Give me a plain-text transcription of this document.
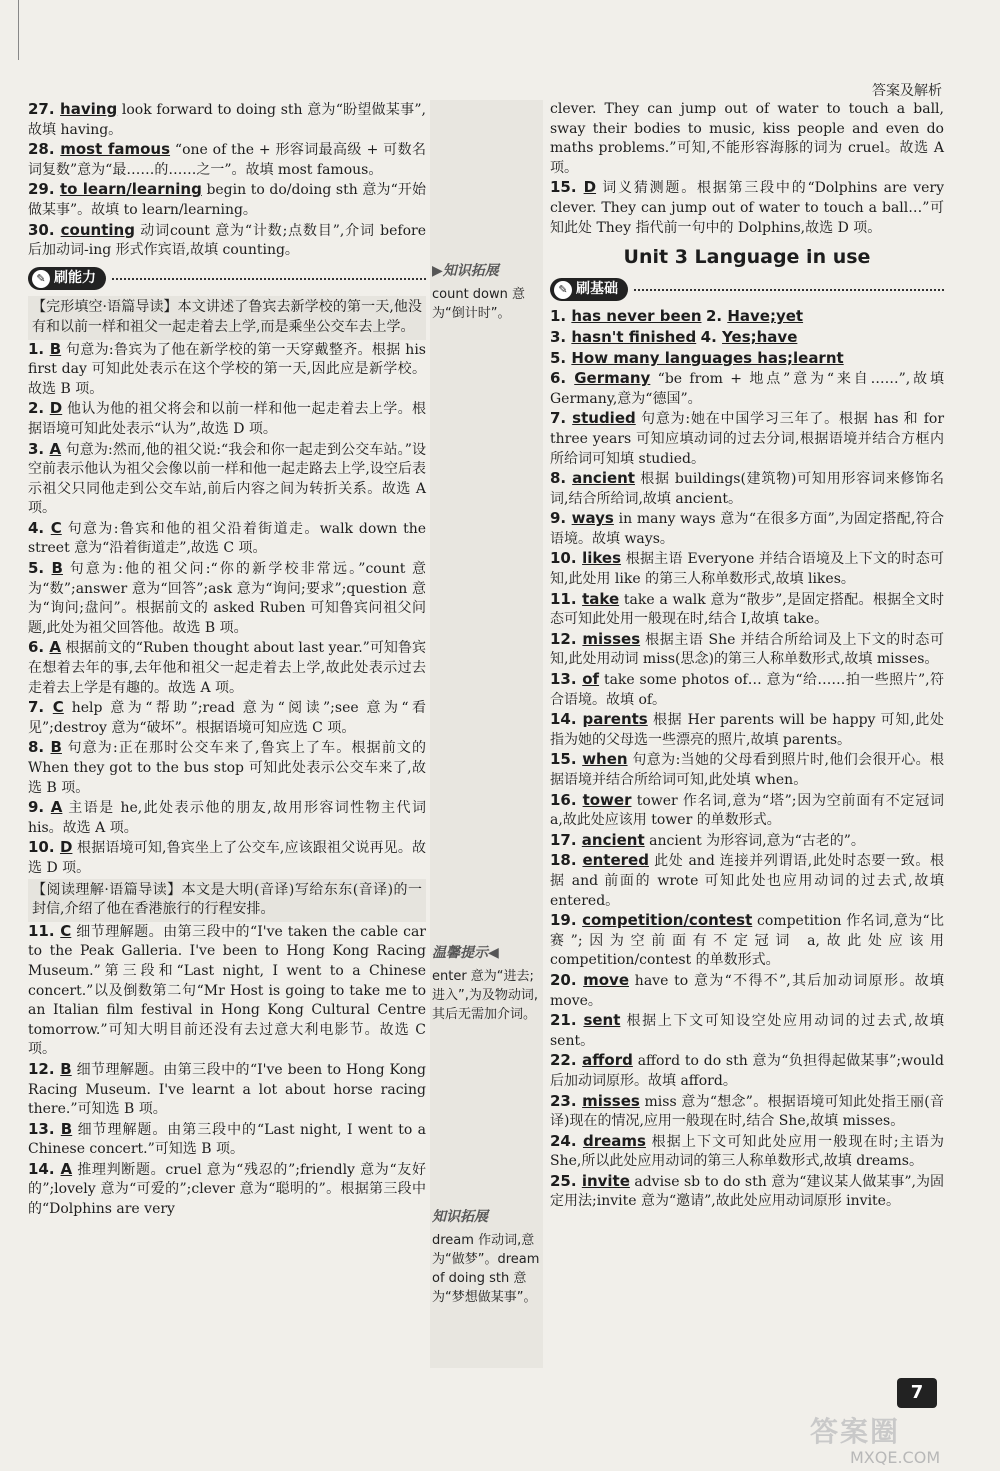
答案及解析
27. having look forward to doing sth 意为“盼望做某事”,故填 having。
28. most famous “one of the + 形容词最高级 + 可数名词复数”意为“最……的……之一”。故填 most famous。
29. to learn/learning begin to do/doing sth 意为“开始做某事”。故填 to learn/learning。
30. counting 动词count 意为“计数;点数目”,介词 before 后加动词-ing 形式作宾语,故填 counting。
✎ 刷能力
【完形填空·语篇导读】本文讲述了鲁宾去新学校的第一天,他没有和以前一样和祖父一起走着去上学,而是乘坐公交车去上学。
1. B 句意为:鲁宾为了他在新学校的第一天穿戴整齐。根据 his first day 可知此处表示在这个学校的第一天,因此应是新学校。故选 B 项。
2. D 他认为他的祖父将会和以前一样和他一起走着去上学。根据语境可知此处表示“认为”,故选 D 项。
3. A 句意为:然而,他的祖父说:“我会和你一起走到公交车站。”设空前表示他认为祖父会像以前一样和他一起走路去上学,设空后表示祖父只同他走到公交车站,前后内容之间为转折关系。故选 A 项。
4. C 句意为:鲁宾和他的祖父沿着街道走。walk down the street 意为“沿着街道走”,故选 C 项。
5. B 句意为:他的祖父问:“你的新学校非常远。”count 意为“数”;answer 意为“回答”;ask 意为“询问;要求”;question 意为“询问;盘问”。根据前文的 asked Ruben 可知鲁宾问祖父问题,此处为祖父回答他。故选 B 项。
6. A 根据前文的“Ruben thought about last year.”可知鲁宾在想着去年的事,去年他和祖父一起走着去上学,故此处表示过去走着去上学是有趣的。故选 A 项。
7. C help 意为“帮助”;read 意为“阅读”;see 意为“看见”;destroy 意为“破坏”。根据语境可知应选 C 项。
8. B 句意为:正在那时公交车来了,鲁宾上了车。根据前文的 When they got to the bus stop 可知此处表示公交车来了,故选 B 项。
9. A 主语是 he,此处表示他的朋友,故用形容词性物主代词 his。故选 A 项。
10. D 根据语境可知,鲁宾坐上了公交车,应该跟祖父说再见。故选 D 项。
【阅读理解·语篇导读】本文是大明(音译)写给东东(音译)的一封信,介绍了他在香港旅行的行程安排。
11. C 细节理解题。由第三段中的“I've taken the cable car to the Peak Galleria. I've been to Hong Kong Racing Museum.”第三段和“Last night, I went to a Chinese concert.”以及倒数第二句“Mr Host is going to take me to an Italian film festival in Hong Kong Cultural Centre tomorrow.”可知大明目前还没有去过意大利电影节。故选 C 项。
12. B 细节理解题。由第三段中的“I've been to Hong Kong Racing Museum. I've learnt a lot about horse racing there.”可知选 B 项。
13. B 细节理解题。由第三段中的“Last night, I went to a Chinese concert.”可知选 B 项。
14. A 推理判断题。cruel 意为“残忍的”;friendly 意为“友好的”;lovely 意为“可爱的”;clever 意为“聪明的”。根据第三段中的“Dolphins are very
clever. They can jump out of water to touch a ball, sway their bodies to music, kiss people and even do maths problems.”可知,不能形容海豚的词为 cruel。故选 A 项。
15. D 词义猜测题。根据第三段中的“Dolphins are very clever. They can jump out of water to touch a ball…”可知此处 They 指代前一句中的 Dolphins,故选 D 项。
Unit 3 Language in use
✎ 刷基础
1. has never been 2. Have;yet
3. hasn't finished 4. Yes;have
5. How many languages has;learnt
6. Germany “be from + 地点”意为“来自……”,故填 Germany,意为“德国”。
7. studied 句意为:她在中国学习三年了。根据 has 和 for three years 可知应填动词的过去分词,根据语境并结合方框内所给词可知填 studied。
8. ancient 根据 buildings(建筑物)可知用形容词来修饰名词,结合所给词,故填 ancient。
9. ways in many ways 意为“在很多方面”,为固定搭配,符合语境。故填 ways。
10. likes 根据主语 Everyone 并结合语境及上下文的时态可知,此处用 like 的第三人称单数形式,故填 likes。
11. take take a walk 意为“散步”,是固定搭配。根据全文时态可知此处用一般现在时,结合 I,故填 take。
12. misses 根据主语 She 并结合所给词及上下文的时态可知,此处用动词 miss(思念)的第三人称单数形式,故填 misses。
13. of take some photos of… 意为“给……拍一些照片”,符合语境。故填 of。
14. parents 根据 Her parents will be happy 可知,此处指为她的父母选一些漂亮的照片,故填 parents。
15. when 句意为:当她的父母看到照片时,他们会很开心。根据语境并结合所给词可知,此处填 when。
16. tower tower 作名词,意为“塔”;因为空前面有不定冠词 a,故此处应该用 tower 的单数形式。
17. ancient ancient 为形容词,意为“古老的”。
18. entered 此处 and 连接并列谓语,此处时态要一致。根据 and 前面的 wrote 可知此处也应用动词的过去式,故填 entered。
19. competition/contest competition 作名词,意为“比赛”;因为空前面有不定冠词 a,故此处应该用 competition/contest 的单数形式。
20. move have to 意为“不得不”,其后加动词原形。故填 move。
21. sent 根据上下文可知设空处应用动词的过去式,故填 sent。
22. afford afford to do sth 意为“负担得起做某事”;would 后加动词原形。故填 afford。
23. misses miss 意为“想念”。根据语境可知此处指王丽(音译)现在的情况,应用一般现在时,结合 She,故填 misses。
24. dreams 根据上下文可知此处应用一般现在时;主语为 She,所以此处应用动词的第三人称单数形式,故填 dreams。
25. invite advise sb to do sth 意为“建议某人做某事”,为固定用法;invite 意为“邀请”,故此处应用动词原形 invite。
▶知识拓展
count down 意为“倒计时”。
温馨提示◀
enter 意为“进去;进入”,为及物动词,其后无需加介词。
知识拓展
dream 作动词,意为“做梦”。dream of doing sth 意为“梦想做某事”。
7
答案圈
MXQE.COM
